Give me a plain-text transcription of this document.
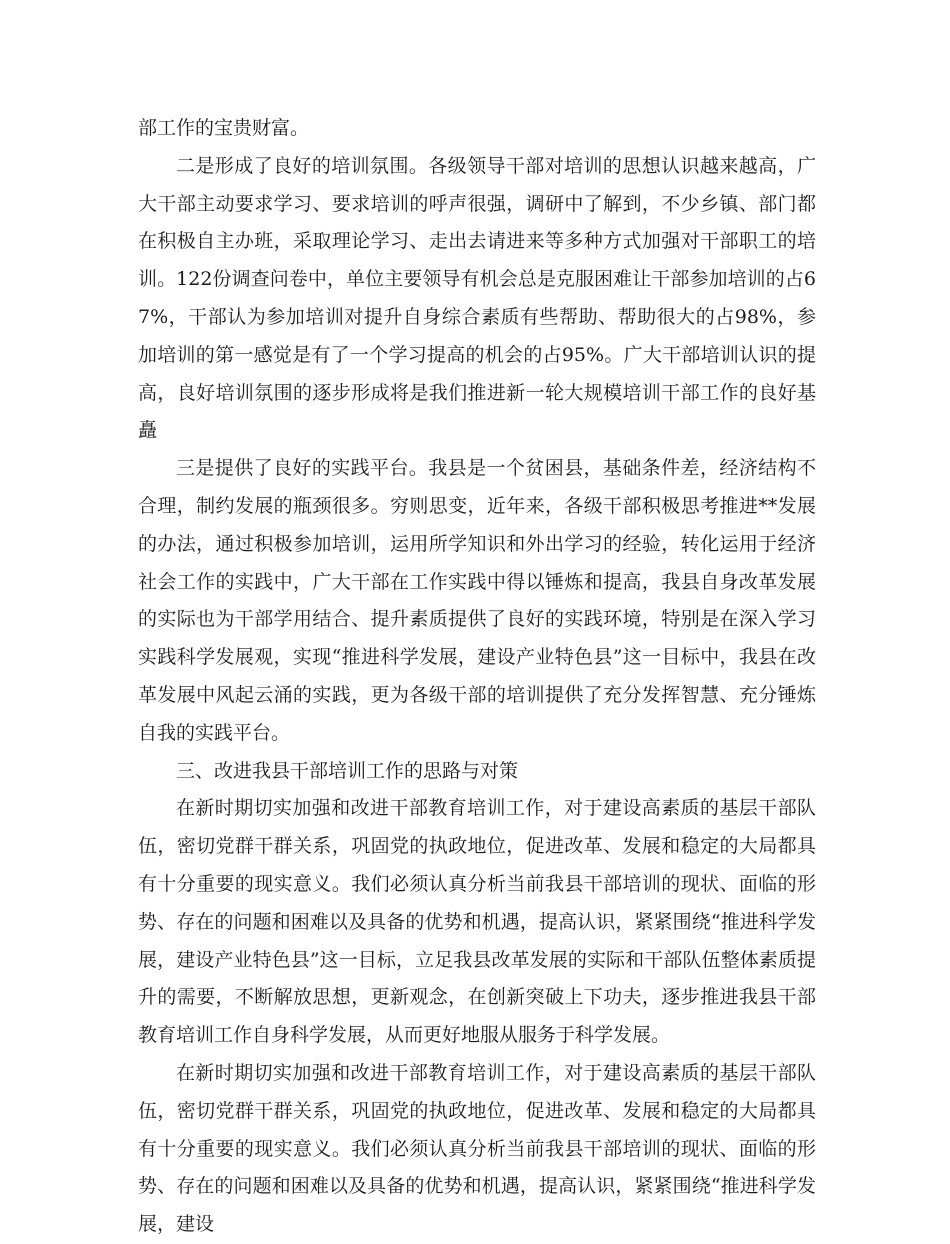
部工作的宝贵财富。

二是形成了良好的培训氛围。各级领导干部对培训的思想认识越来越高，广大干部主动要求学习、要求培训的呼声很强，调研中了解到，不少乡镇、部门都在积极自主办班，采取理论学习、走出去请进来等多种方式加强对干部职工的培训。122份调查问卷中，单位主要领导有机会总是克服困难让干部参加培训的占67%，干部认为参加培训对提升自身综合素质有些帮助、帮助很大的占98%，参加培训的第一感觉是有了一个学习提高的机会的占95%。广大干部培训认识的提高，良好培训氛围的逐步形成将是我们推进新一轮大规模培训干部工作的良好基矗

三是提供了良好的实践平台。我县是一个贫困县，基础条件差，经济结构不合理，制约发展的瓶颈很多。穷则思变，近年来，各级干部积极思考推进**发展的办法，通过积极参加培训，运用所学知识和外出学习的经验，转化运用于经济社会工作的实践中，广大干部在工作实践中得以锤炼和提高，我县自身改革发展的实际也为干部学用结合、提升素质提供了良好的实践环境，特别是在深入学习实践科学发展观，实现“推进科学发展，建设产业特色县”这一目标中，我县在改革发展中风起云涌的实践，更为各级干部的培训提供了充分发挥智慧、充分锤炼自我的实践平台。

三、改进我县干部培训工作的思路与对策

在新时期切实加强和改进干部教育培训工作，对于建设高素质的基层干部队伍，密切党群干群关系，巩固党的执政地位，促进改革、发展和稳定的大局都具有十分重要的现实意义。我们必须认真分析当前我县干部培训的现状、面临的形势、存在的问题和困难以及具备的优势和机遇，提高认识，紧紧围绕“推进科学发展，建设产业特色县”这一目标，立足我县改革发展的实际和干部队伍整体素质提升的需要，不断解放思想，更新观念，在创新突破上下功夫，逐步推进我县干部教育培训工作自身科学发展，从而更好地服从服务于科学发展。

在新时期切实加强和改进干部教育培训工作，对于建设高素质的基层干部队伍，密切党群干群关系，巩固党的执政地位，促进改革、发展和稳定的大局都具有十分重要的现实意义。我们必须认真分析当前我县干部培训的现状、面临的形势、存在的问题和困难以及具备的优势和机遇，提高认识，紧紧围绕“推进科学发展，建设
